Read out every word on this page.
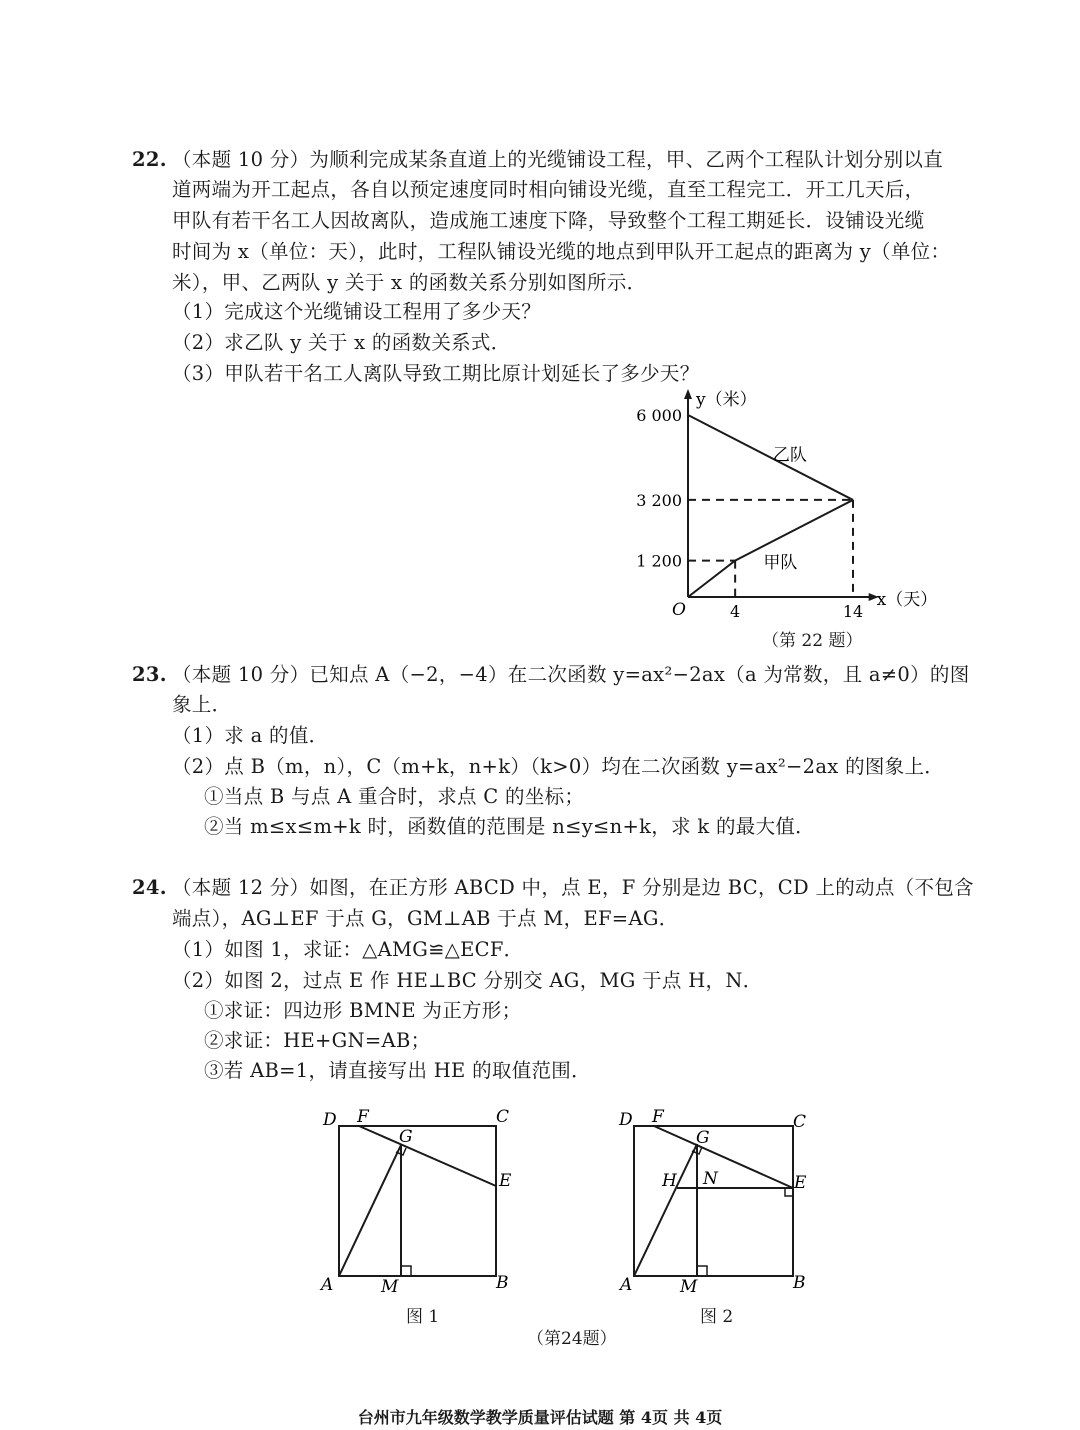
22. （本题 10 分）为顺利完成某条直道上的光缆铺设工程，甲、乙两个工程队计划分别以直
道两端为开工起点，各自以预定速度同时相向铺设光缆，直至工程完工．开工几天后，
甲队有若干名工人因故离队，造成施工速度下降，导致整个工程工期延长．设铺设光缆
时间为 x（单位：天），此时，工程队铺设光缆的地点到甲队开工起点的距离为 y（单位：
米），甲、乙两队 y 关于 x 的函数关系分别如图所示．
（1）完成这个光缆铺设工程用了多少天？
（2）求乙队 y 关于 x 的函数关系式．
（3）甲队若干名工人离队导致工期比原计划延长了多少天？
y（米）
x（天）
O
1 200
3 200
6 000
4	14
乙队
甲队
（第 22 题）
23. （本题 10 分）已知点 A（−2，−4）在二次函数 y=ax²−2ax（a 为常数，且 a≠0）的图
象上．
（1）求 a 的值．
（2）点 B（m，n），C（m+k，n+k）（k>0）均在二次函数 y=ax²−2ax 的图象上．
①当点 B 与点 A 重合时，求点 C 的坐标；
②当 m≤x≤m+k 时，函数值的范围是 n≤y≤n+k，求 k 的最大值．
24. （本题 12 分）如图，在正方形 ABCD 中，点 E，F 分别是边 BC，CD 上的动点（不包含
端点），AG⊥EF 于点 G，GM⊥AB 于点 M，EF=AG．
（1）如图 1，求证：△AMG≌△ECF．
（2）如图 2，过点 E 作 HE⊥BC 分别交 AG，MG 于点 H，N．
①求证：四边形 BMNE 为正方形；
②求证：HE+GN=AB；
③若 AB=1，请直接写出 HE 的取值范围．
D F	C
G
E
A	M	B
图 1
D F	C
G
H N	E
A	M	B
图 2
（第24题）
台州市九年级数学教学质量评估试题 第 4页 共 4页
